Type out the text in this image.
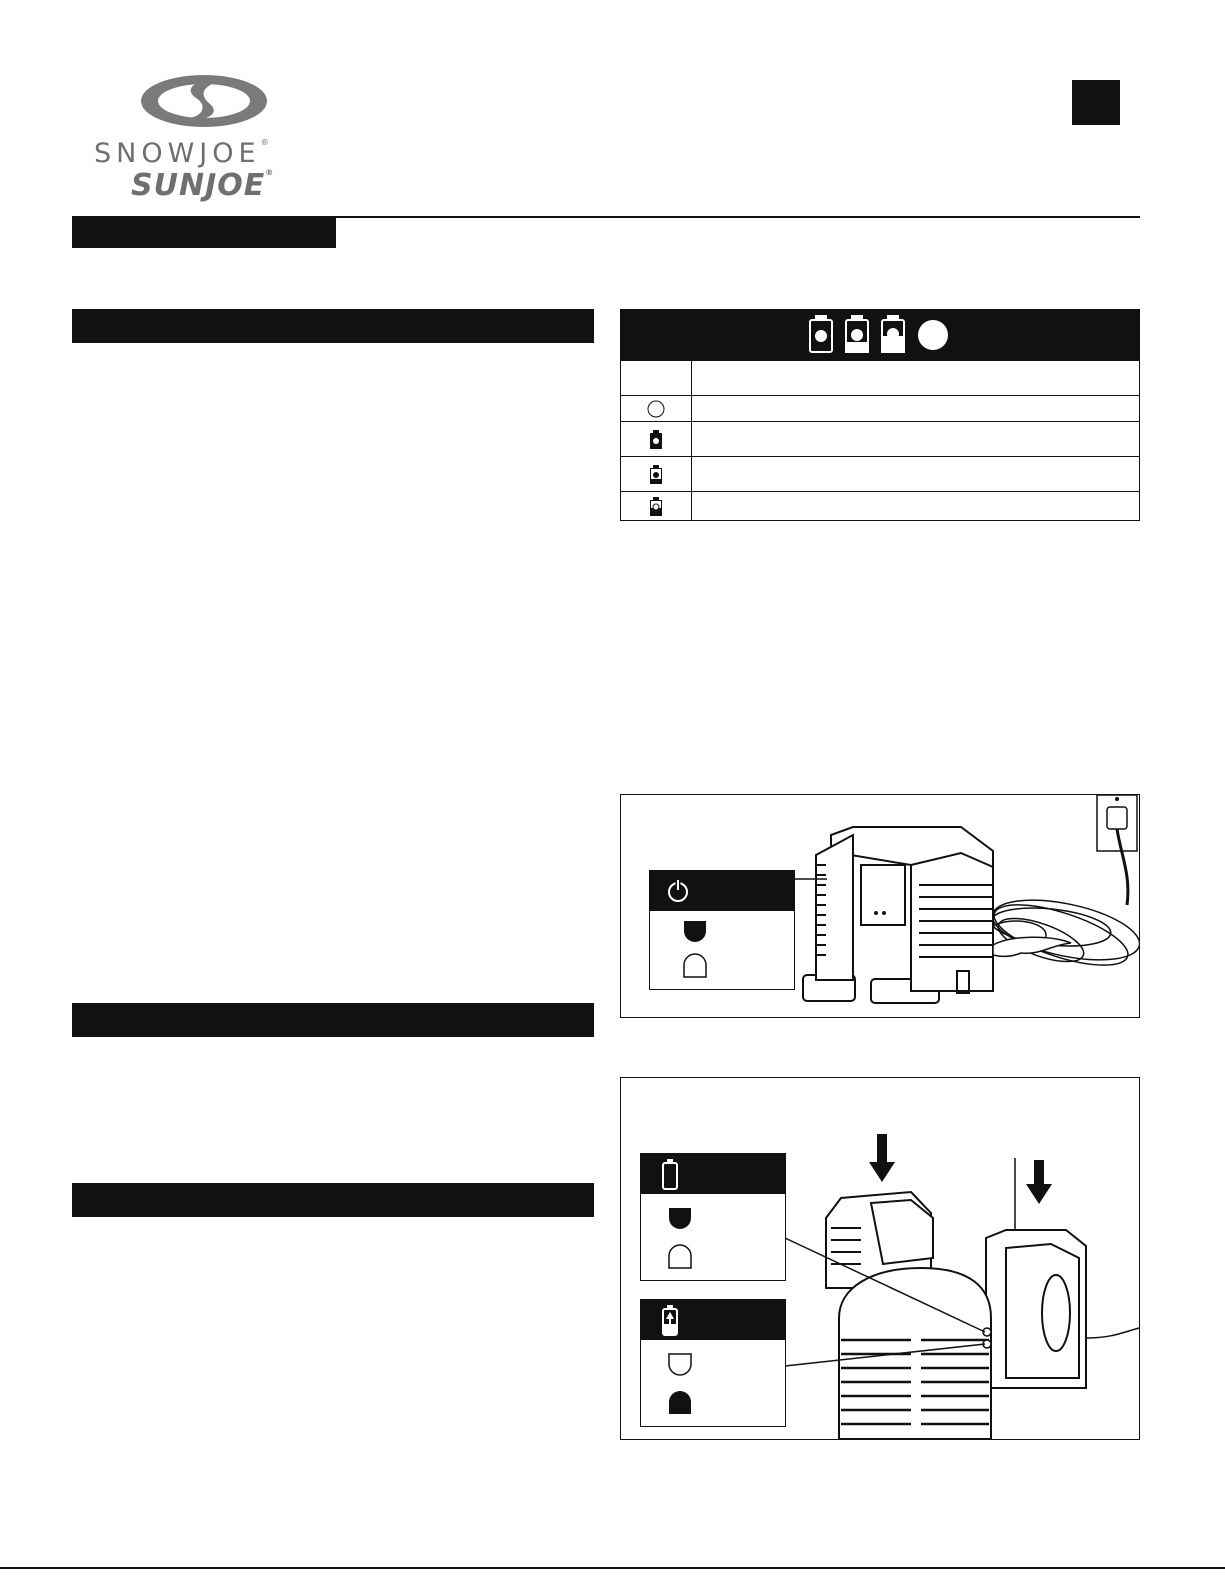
SNOWJOE®
SUNJOE®
